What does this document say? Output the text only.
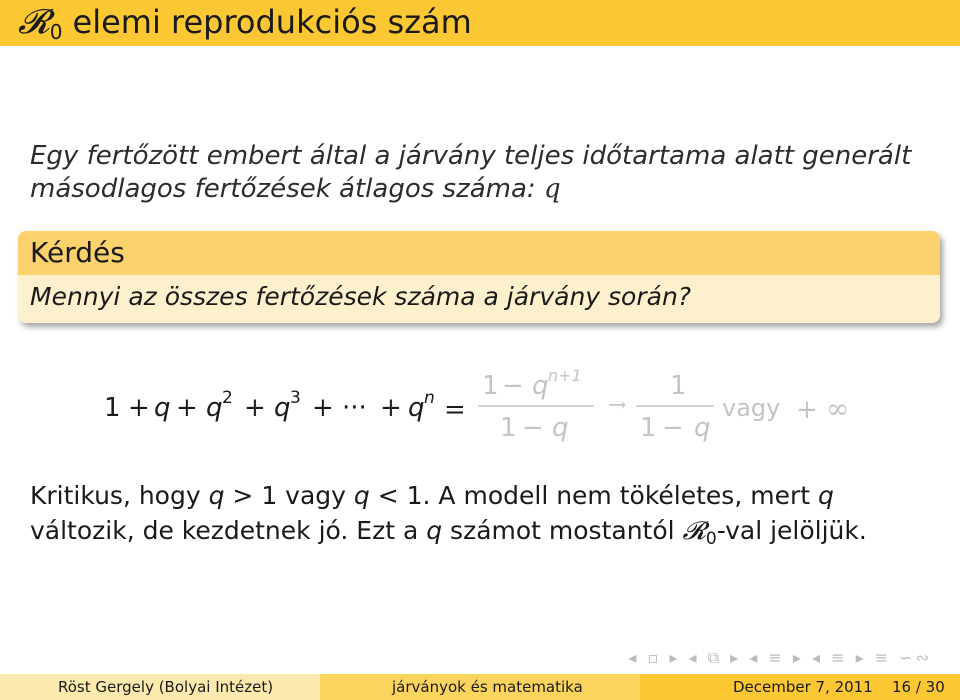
𝓡$_0$ elemi reprodukciós szám
Egy fertőzött embert által a járvány teljes időtartama alatt generált
másodlagos fertőzések átlagos száma: q
Kérdés
Mennyi az összes fertőzések száma a járvány során?
1 + q + q 2 + q 3 + ··· + q n =
1 − q n+1
1 − q
→
1
1 − q
vagy + ∞
Kritikus, hogy q > 1 vagy q < 1. A modell nem tökéletes, mert q
változik, de kezdetnek jó. Ezt a q számot mostantól 𝓡$_0$-val jelöljük.
◂ ▫ ▸ ◂ ⧉ ▸ ◂ ≡ ▸ ◂ ≡ ▸ ≡ ∽∾
Röst Gergely (Bolyai Intézet)	járványok és matematika	December 7, 2011 16 / 30
